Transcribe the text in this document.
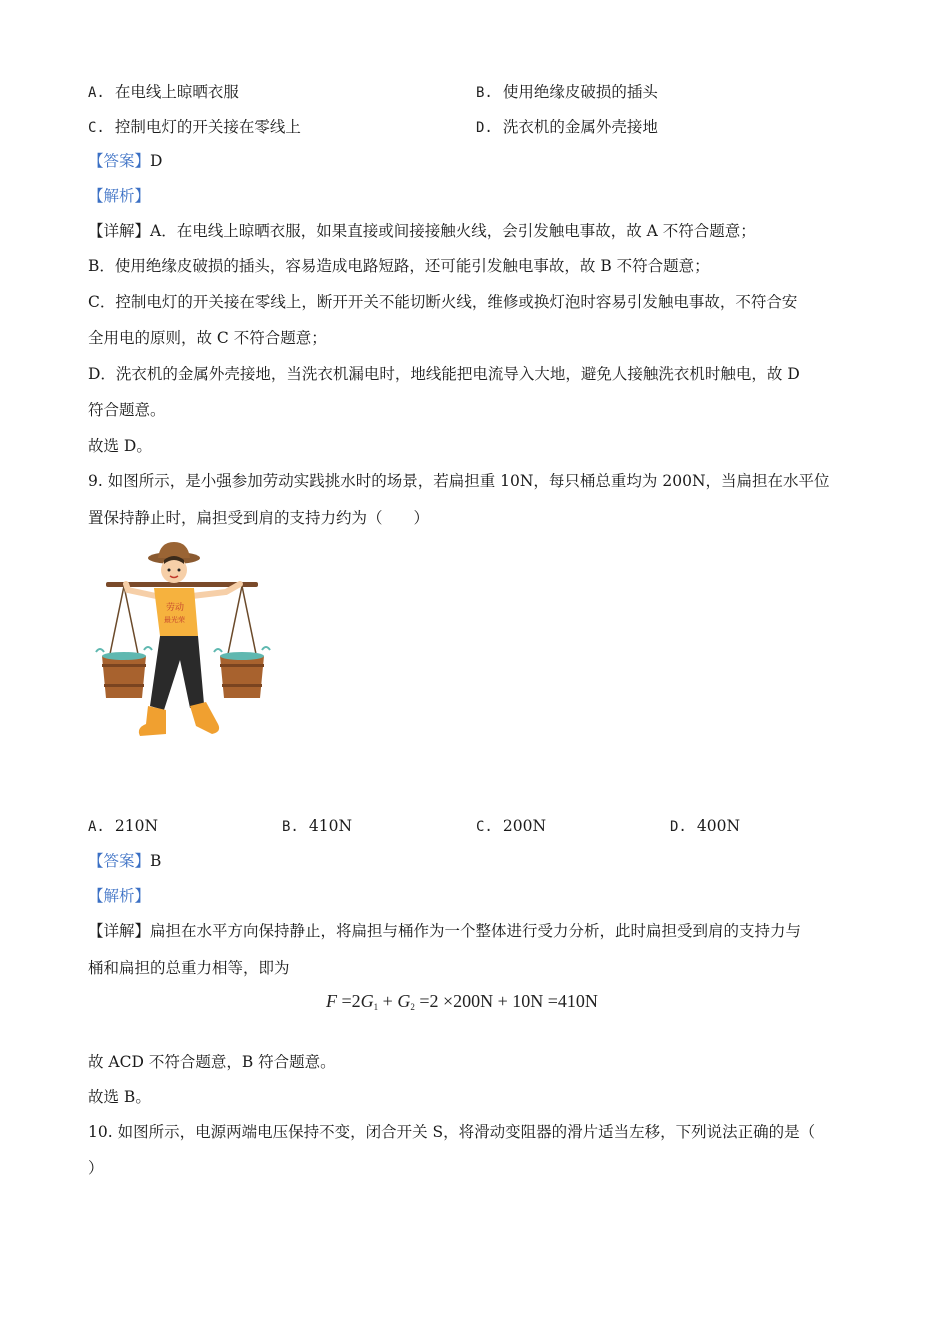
A. 在电线上晾晒衣服	B. 使用绝缘皮破损的插头
C. 控制电灯的开关接在零线上	D. 洗衣机的金属外壳接地
【答案】D
【解析】
【详解】A．在电线上晾晒衣服，如果直接或间接接触火线，会引发触电事故，故 A 不符合题意；
B．使用绝缘皮破损的插头，容易造成电路短路，还可能引发触电事故，故 B 不符合题意；
C．控制电灯的开关接在零线上，断开开关不能切断火线，维修或换灯泡时容易引发触电事故，不符合安
全用电的原则，故 C 不符合题意；
D．洗衣机的金属外壳接地，当洗衣机漏电时，地线能把电流导入大地，避免人接触洗衣机时触电，故 D
符合题意。
故选 D。
9. 如图所示，是小强参加劳动实践挑水时的场景，若扁担重 10N，每只桶总重均为 200N，当扁担在水平位
置保持静止时，扁担受到肩的支持力约为（　　）
劳动
最光荣
A. 210N	B. 410N	C. 200N	D. 400N
【答案】B
【解析】
【详解】扁担在水平方向保持静止，将扁担与桶作为一个整体进行受力分析，此时扁担受到肩的支持力与
桶和扁担的总重力相等，即为
$F =2G_1 + G_2 =2 \times 200N + 10N =410N$
故 ACD 不符合题意，B 符合题意。
故选 B。
10. 如图所示，电源两端电压保持不变，闭合开关 S，将滑动变阻器的滑片适当左移，下列说法正确的是（
）
